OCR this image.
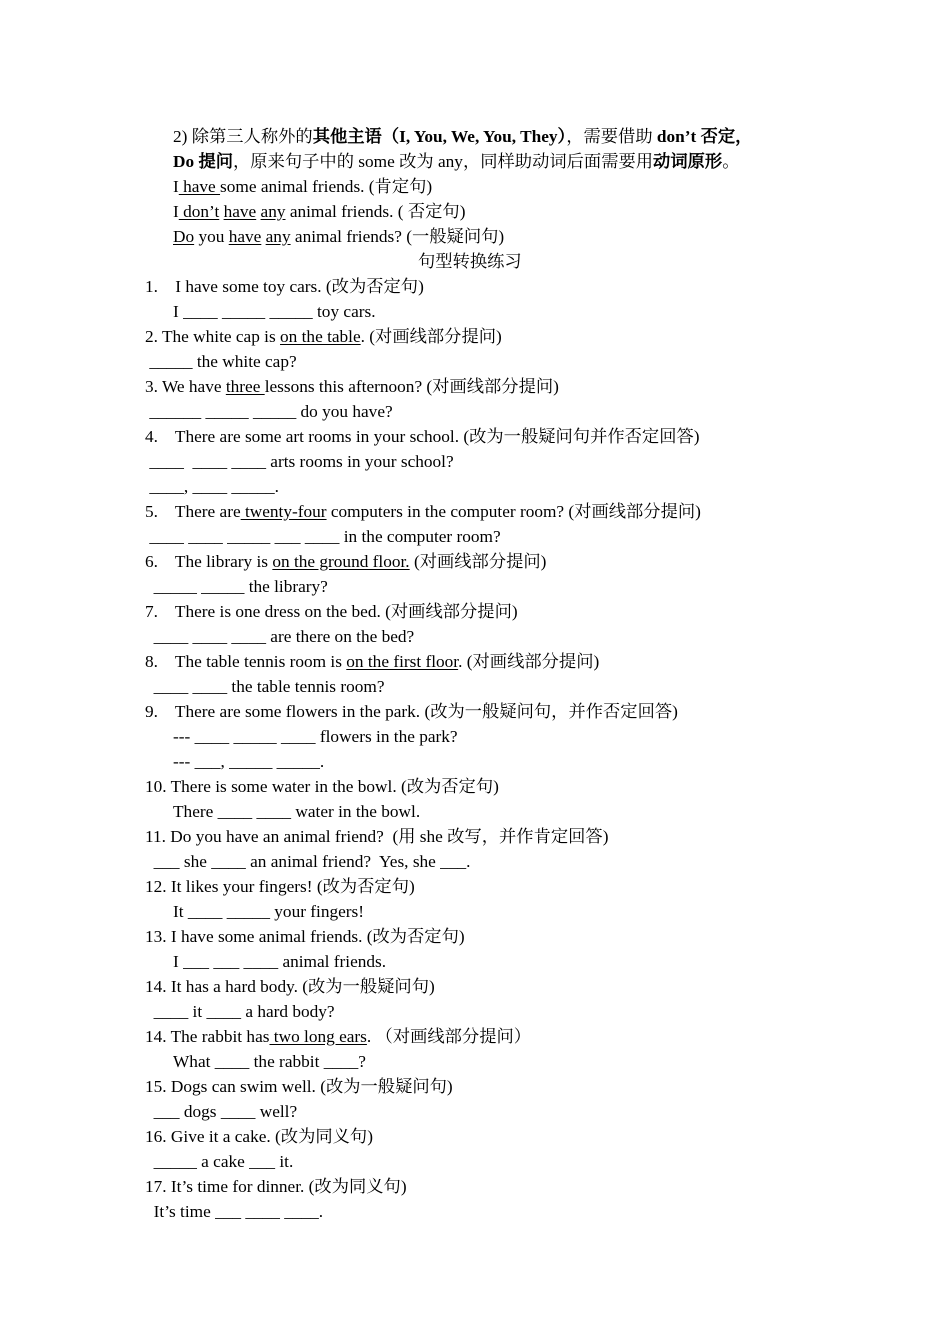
2) 除第三人称外的其他主语（I, You, We, You, They），需要借助 don’t 否定，
Do 提问，原来句子中的 some 改为 any，同样助动词后面需要用动词原形。
I have some animal friends. (肯定句)
I don’t have any animal friends. ( 否定句)
Do you have any animal friends? (一般疑问句)
句型转换练习
1.    I have some toy cars. (改为否定句)
I ____ _____ _____ toy cars.
2. The white cap is on the table. (对画线部分提问)
_____ the white cap?
3. We have three lessons this afternoon? (对画线部分提问)
______ _____ _____ do you have?
4.    There are some art rooms in your school. (改为一般疑问句并作否定回答)
____  ____ ____ arts rooms in your school?
____, ____ _____.
5.    There are twenty-four computers in the computer room? (对画线部分提问)
____ ____ _____ ___ ____ in the computer room?
6.    The library is on the ground floor. (对画线部分提问)
_____ _____ the library?
7.    There is one dress on the bed. (对画线部分提问)
____ ____ ____ are there on the bed?
8.    The table tennis room is on the first floor. (对画线部分提问)
____ ____ the table tennis room?
9.    There are some flowers in the park. (改为一般疑问句，并作否定回答)
--- ____ _____ ____ flowers in the park?
--- ___, _____ _____.
10. There is some water in the bowl. (改为否定句)
There ____ ____ water in the bowl.
11. Do you have an animal friend?  (用 she 改写，并作肯定回答)
___ she ____ an animal friend?  Yes, she ___.
12. It likes your fingers! (改为否定句)
It ____ _____ your fingers!
13. I have some animal friends. (改为否定句)
I ___ ___ ____ animal friends.
14. It has a hard body. (改为一般疑问句)
____ it ____ a hard body?
14. The rabbit has two long ears. （对画线部分提问）
What ____ the rabbit ____?
15. Dogs can swim well. (改为一般疑问句)
___ dogs ____ well?
16. Give it a cake. (改为同义句)
_____ a cake ___ it.
17. It’s time for dinner. (改为同义句)
It’s time ___ ____ ____.
